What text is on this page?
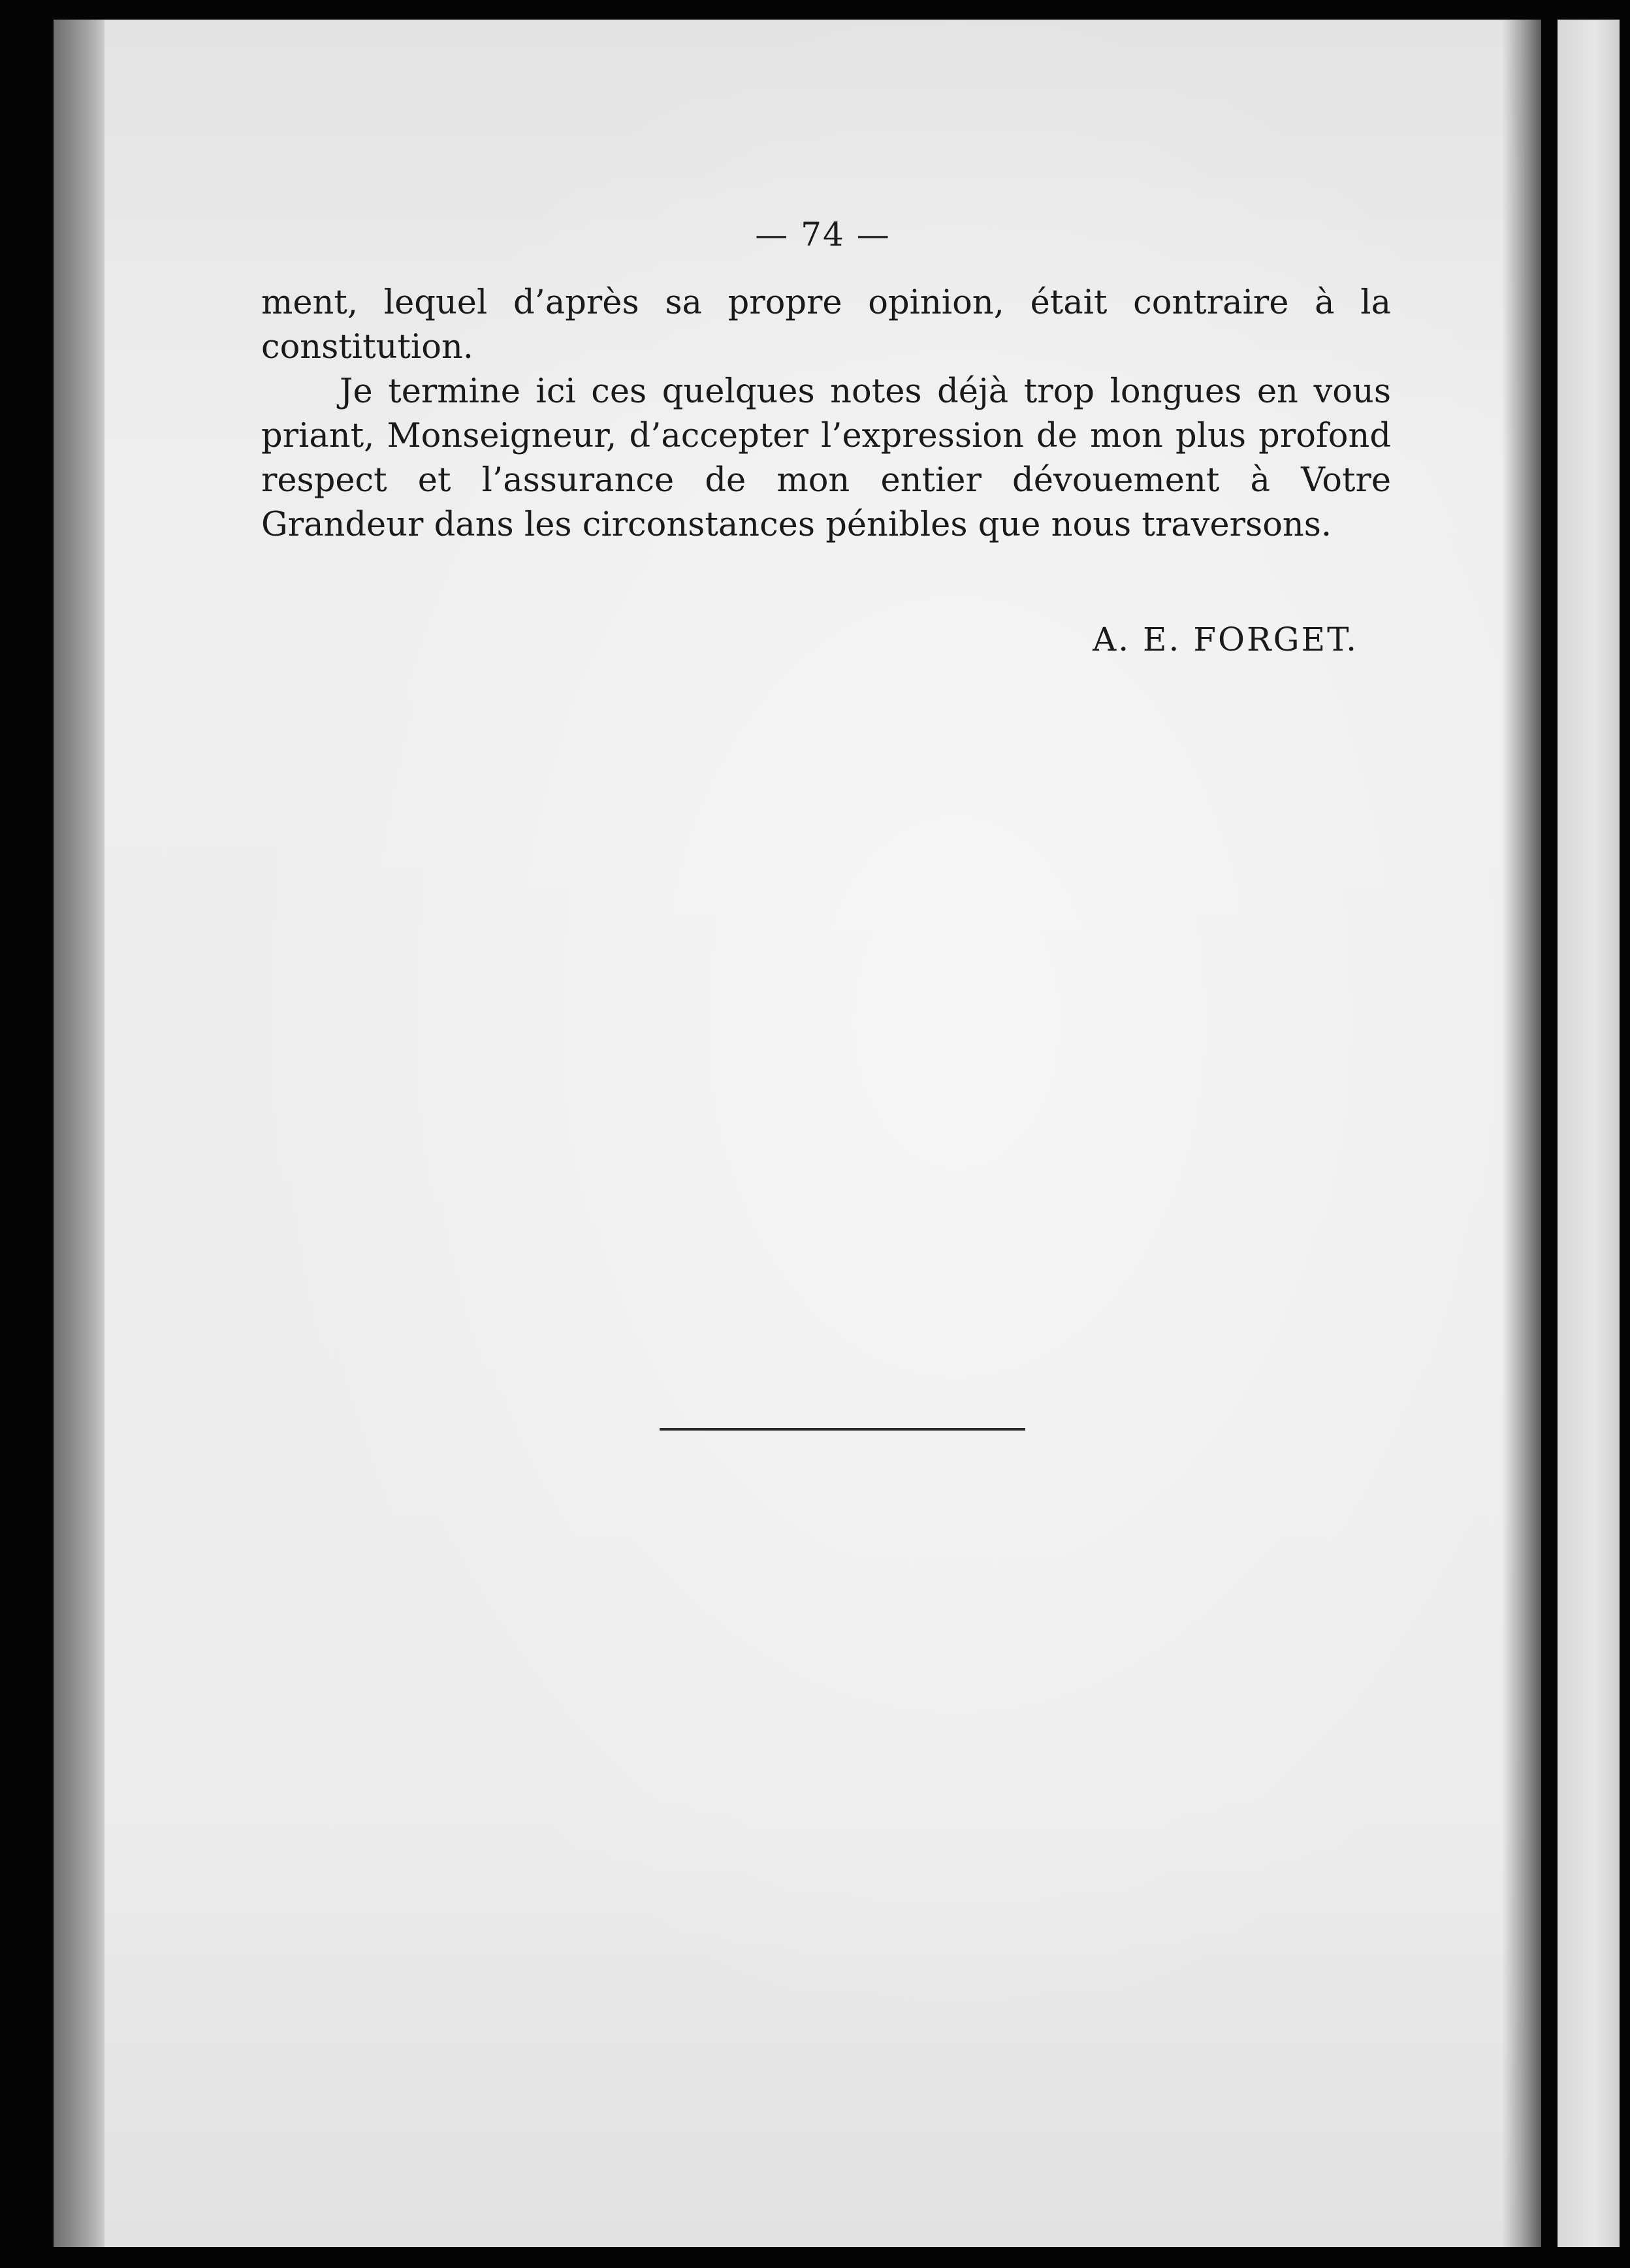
— 74 —

ment, lequel d’après sa propre opinion, était contraire à la constitution.

Je termine ici ces quelques notes déjà trop longues en vous priant, Monseigneur, d’accepter l’expression de mon plus profond respect et l’assurance de mon entier dévouement à Votre Grandeur dans les circonstances pénibles que nous traversons.

A. E. FORGET.
